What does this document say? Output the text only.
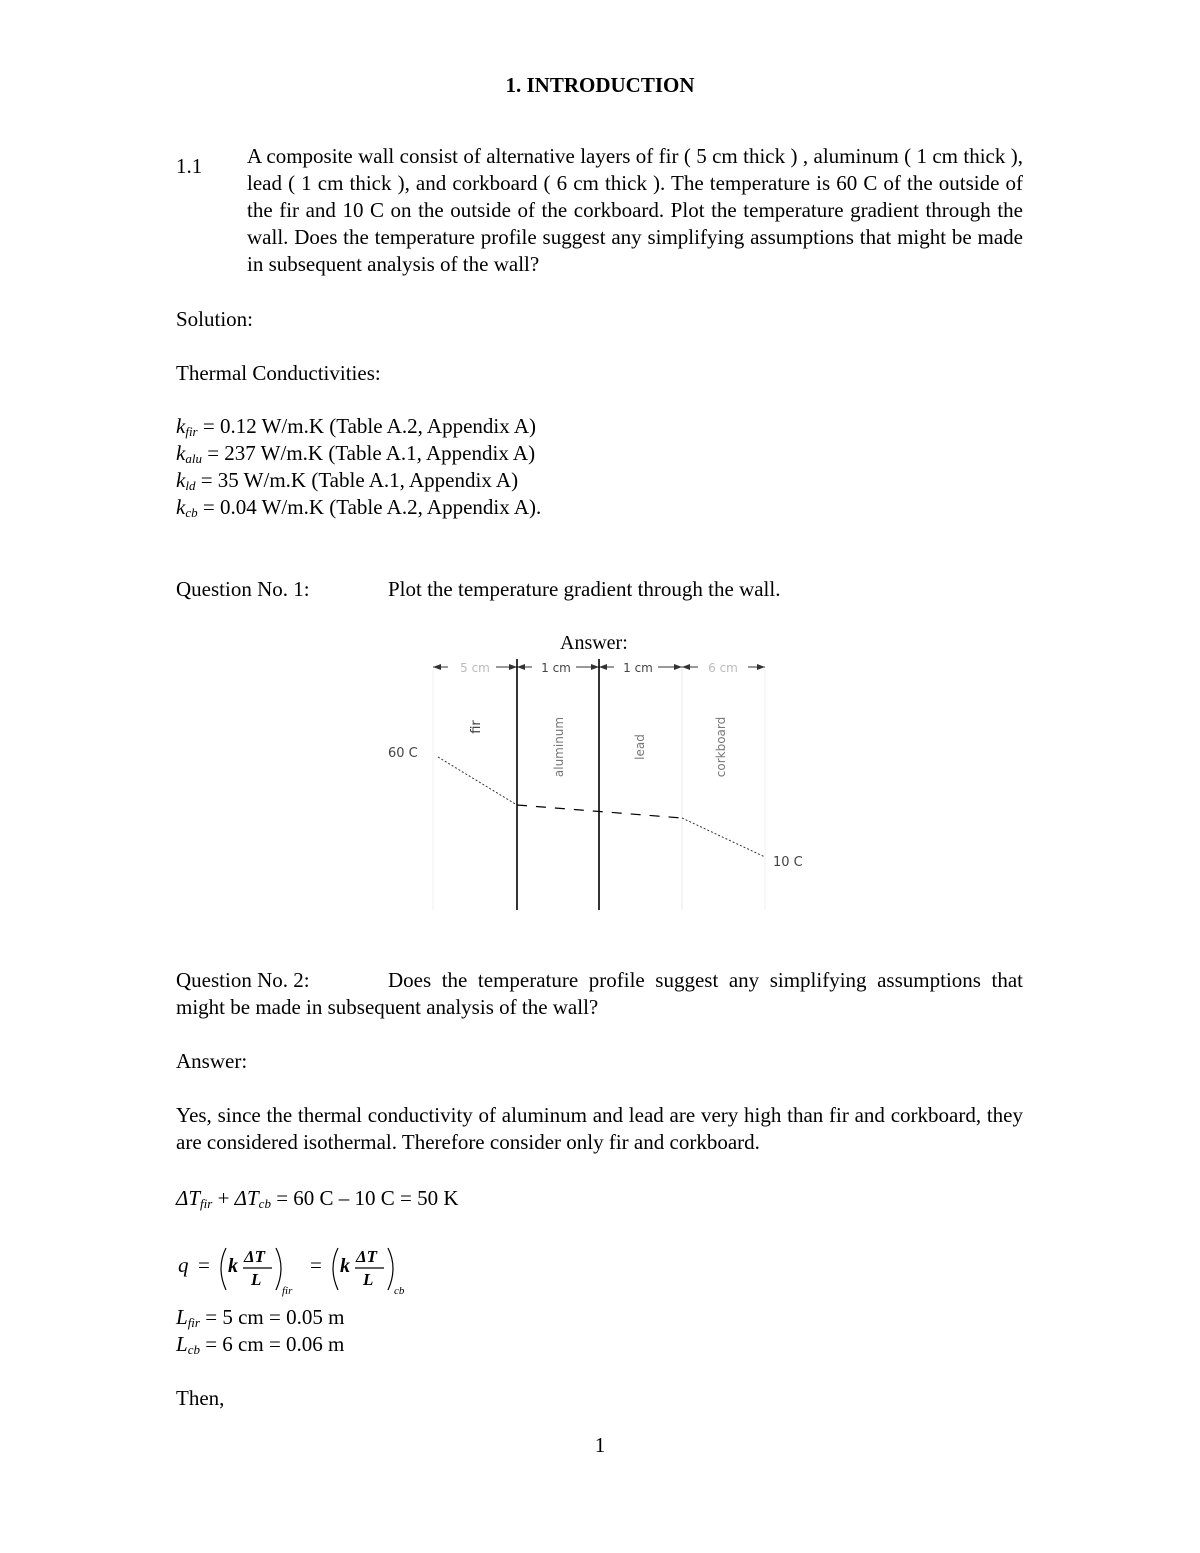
1. INTRODUCTION
1.1 A composite wall consist of alternative layers of fir ( 5 cm thick ) , aluminum ( 1 cm thick ), lead ( 1 cm thick ), and corkboard ( 6 cm thick ). The temperature is 60 C of the outside of the fir and 10 C on the outside of the corkboard. Plot the temperature gradient through the wall. Does the temperature profile suggest any simplifying assumptions that might be made in subsequent analysis of the wall?
Solution:
Thermal Conductivities:
$k_{fir} = 0.12$ W/m.K (Table A.2, Appendix A)
$k_{alu} = 237$ W/m.K (Table A.1, Appendix A)
$k_{ld} = 35$ W/m.K (Table A.1, Appendix A)
$k_{cb} = 0.04$ W/m.K (Table A.2, Appendix A).
Question No. 1:	Plot the temperature gradient through the wall.
Answer:
5 cm	1 cm	1 cm	6 cm
fir	aluminum	lead	corkboard
60 C
10 C
Question No. 2:	Does the temperature profile suggest any simplifying assumptions that might be made in subsequent analysis of the wall?
Answer:
Yes, since the thermal conductivity of aluminum and lead are very high than fir and corkboard, they are considered isothermal. Therefore consider only fir and corkboard.
$\Delta T_{fir} + \Delta T_{cb} = 60$ C – 10 C = 50 K
q = k ΔT
L
fir
= k ΔT
L
cb
$L_{fir} = 5$ cm = 0.05 m
$L_{cb} = 6$ cm = 0.06 m
Then,
1
